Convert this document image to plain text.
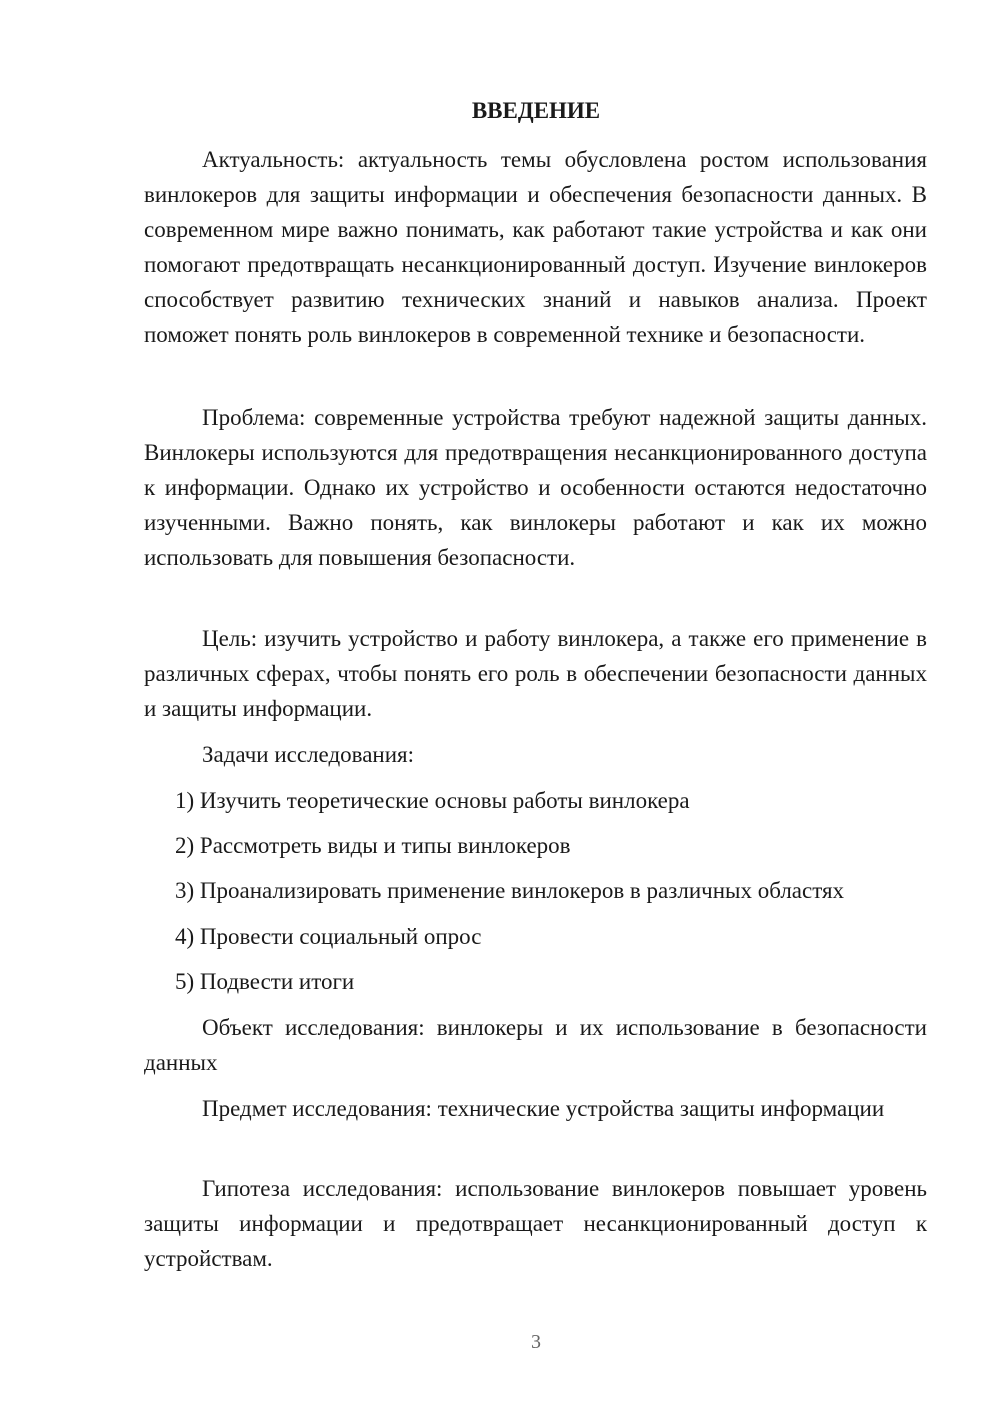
ВВЕДЕНИЕ

Актуальность: актуальность темы обусловлена ростом использования винлокеров для защиты информации и обеспечения безопасности данных. В современном мире важно понимать, как работают такие устройства и как они помогают предотвращать несанкционированный доступ. Изучение винлокеров способствует развитию технических знаний и навыков анализа. Проект поможет понять роль винлокеров в современной технике и безопасности.

Проблема: современные устройства требуют надежной защиты данных. Винлокеры используются для предотвращения несанкционированного доступа к информации. Однако их устройство и особенности остаются недостаточно изученными. Важно понять, как винлокеры работают и как их можно использовать для повышения безопасности.

Цель: изучить устройство и работу винлокера, а также его применение в различных сферах, чтобы понять его роль в обеспечении безопасности данных и защиты информации.

Задачи исследования:

1) Изучить теоретические основы работы винлокера
2) Рассмотреть виды и типы винлокеров
3) Проанализировать применение винлокеров в различных областях
4) Провести социальный опрос
5) Подвести итоги

Объект исследования: винлокеры и их использование в безопасности данных

Предмет исследования: технические устройства защиты информации

Гипотеза исследования: использование винлокеров повышает уровень защиты информации и предотвращает несанкционированный доступ к устройствам.

3
